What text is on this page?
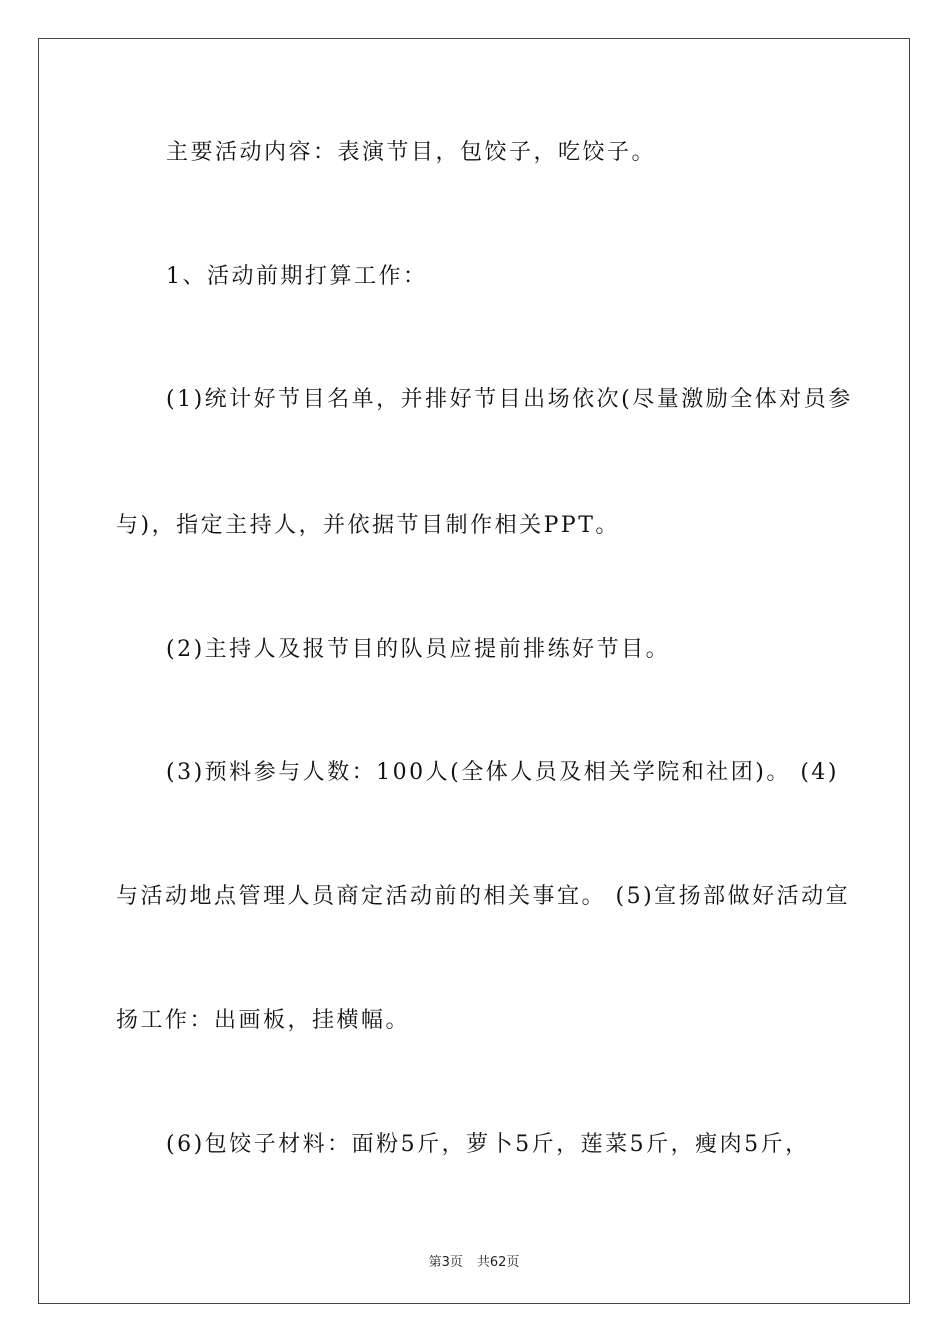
主要活动内容：表演节目，包饺子，吃饺子。
1、活动前期打算工作：
(1)统计好节目名单，并排好节目出场依次(尽量激励全体对员参
与)，指定主持人，并依据节目制作相关PPT。
(2)主持人及报节目的队员应提前排练好节目。
(3)预料参与人数：100人(全体人员及相关学院和社团)。 (4)
与活动地点管理人员商定活动前的相关事宜。 (5)宣扬部做好活动宣
扬工作：出画板，挂横幅。
(6)包饺子材料：面粉5斤，萝卜5斤，莲菜5斤，瘦肉5斤，
第3页 共62页
